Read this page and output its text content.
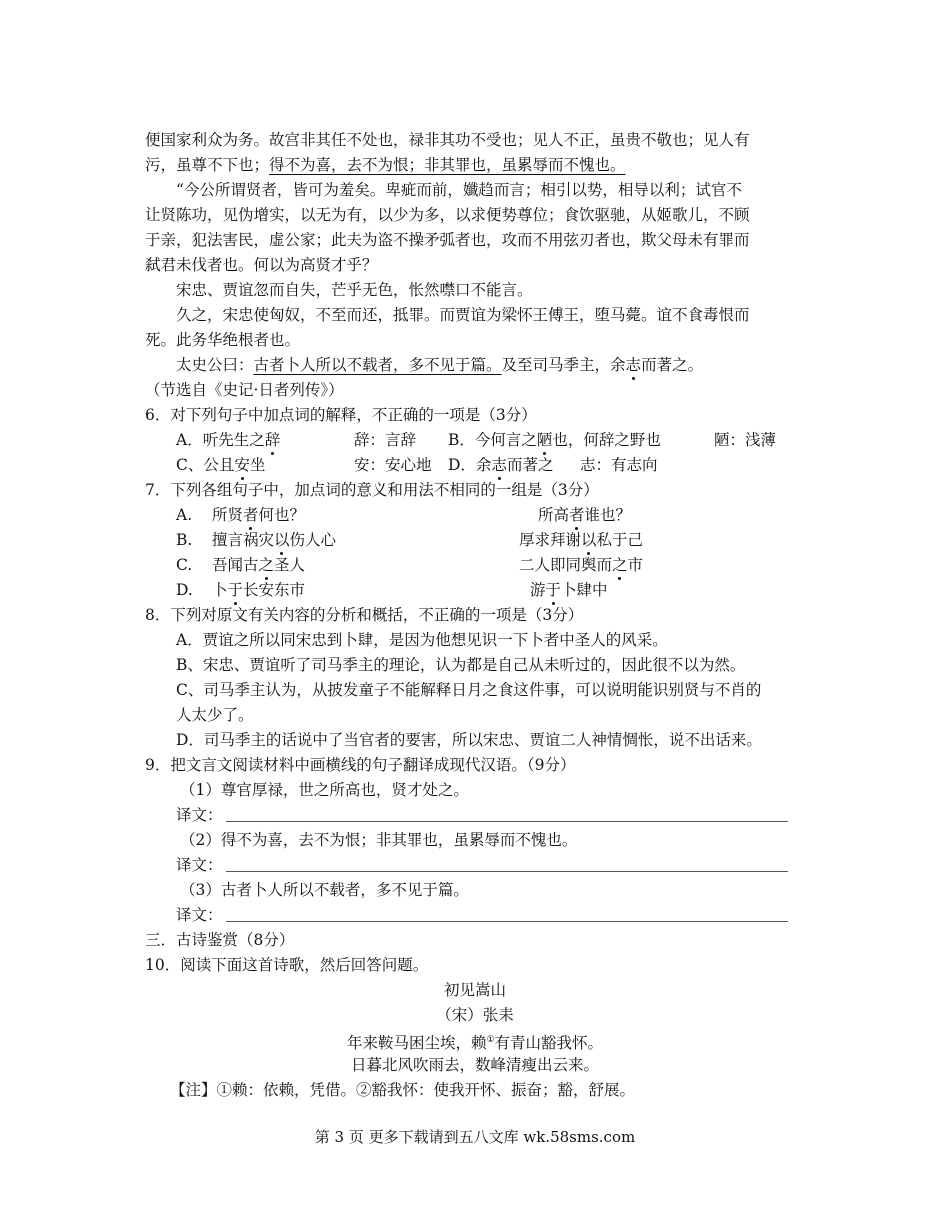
便国家利众为务。故宫非其任不处也，禄非其功不受也；见人不正，虽贵不敬也；见人有
污，虽尊不下也；得不为喜，去不为恨；非其罪也，虽累辱而不愧也。
“今公所谓贤者，皆可为羞矣。卑疵而前，孅趋而言；相引以势，相导以利；试官不
让贤陈功，见伪增实，以无为有，以少为多，以求便势尊位；食饮驱驰，从姬歌儿，不顾
于亲，犯法害民，虚公家；此夫为盗不操矛弧者也，攻而不用弦刃者也，欺父母未有罪而
弑君未伐者也。何以为高贤才乎？
宋忠、贾谊忽而自失，芒乎无色，怅然噤口不能言。
久之，宋忠使匈奴，不至而还，抵罪。而贾谊为梁怀王傅王，堕马薨。谊不食毒恨而
死。此务华绝根者也。
太史公曰：古者卜人所以不载者，多不见于篇。及至司马季主，余志而著之。
（节选自《史记·日者列传》）
6．对下列句子中加点词的解释，不正确的一项是（3分）
A．听先生之辞	辞：言辞 B．今何言之陋也，何辞之野也	陋：浅薄
C、公且安坐	安：安心地 D．余志而著之 志：有志向
7．下列各组句子中，加点词的意义和用法不相同的一组是（3分）
A. 所贤者何也？	所高者谁也？
B. 擅言祸灾以伤人心	厚求拜谢以私于己
C. 吾闻古之圣人	二人即同舆而之市
D. 卜于长安东市	游于卜肆中
8．下列对原文有关内容的分析和概括，不正确的一项是（3分）
A．贾谊之所以同宋忠到卜肆，是因为他想见识一下卜者中圣人的风采。
B、宋忠、贾谊听了司马季主的理论，认为都是自己从未听过的，因此很不以为然。
C、司马季主认为，从披发童子不能解释日月之食这件事，可以说明能识别贤与不肖的
人太少了。
D．司马季主的话说中了当官者的要害，所以宋忠、贾谊二人神情惆怅，说不出话来。
9．把文言文阅读材料中画横线的句子翻译成现代汉语。（9分）
（1）尊官厚禄，世之所高也，贤才处之。
译文：
（2）得不为喜，去不为恨；非其罪也，虽累辱而不愧也。
译文：
（3）古者卜人所以不载者，多不见于篇。
译文：
三．古诗鉴赏（8分）
10．阅读下面这首诗歌，然后回答问题。
初见嵩山
（宋）张耒
年来鞍马困尘埃，赖①有青山豁我怀。
日暮北风吹雨去，数峰清瘦出云来。
【注】①赖：依赖，凭借。②豁我怀：使我开怀、振奋；豁，舒展。
第 3 页 更多下载请到五八文库 wk.58sms.com
